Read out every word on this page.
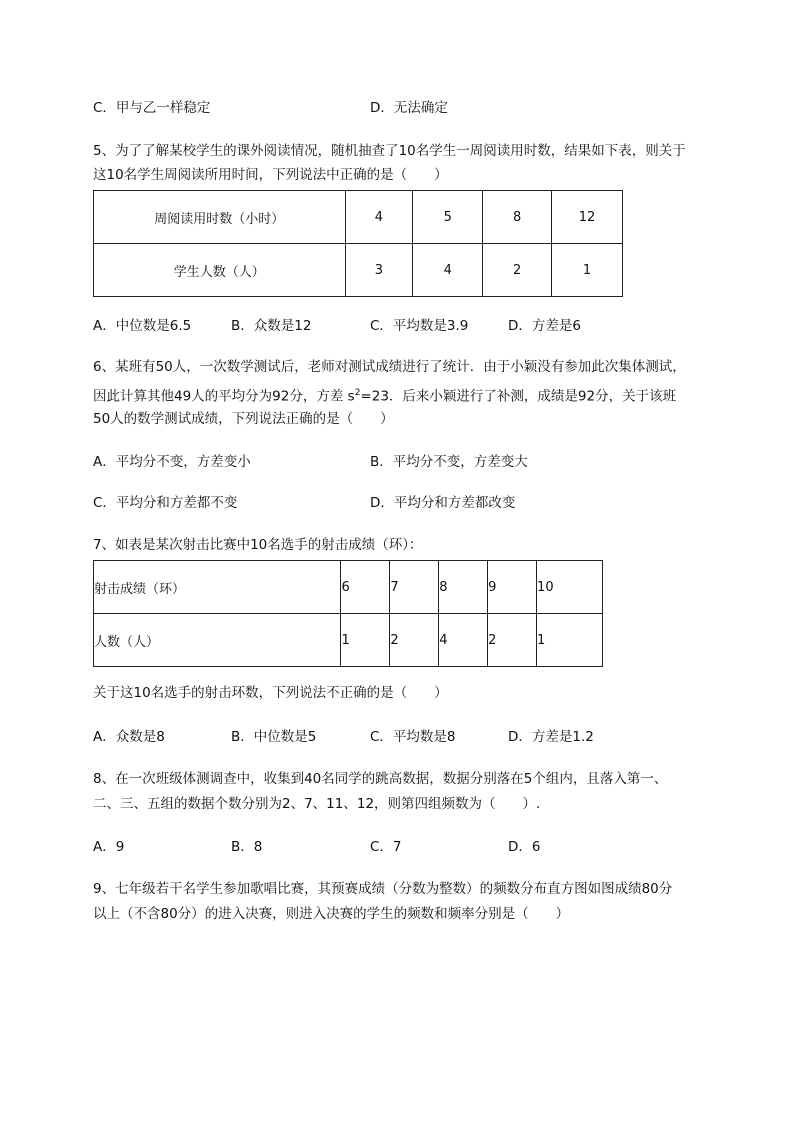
C．甲与乙一样稳定	D．无法确定
5、为了了解某校学生的课外阅读情况，随机抽查了10名学生一周阅读用时数，结果如下表，则关于
这10名学生周阅读所用时间，下列说法中正确的是（　　）
周阅读用时数（小时）	4	5	8	12
学生人数（人）	3	4	2	1
A．中位数是6.5	B．众数是12	C．平均数是3.9	D．方差是6
6、某班有50人，一次数学测试后，老师对测试成绩进行了统计．由于小颖没有参加此次集体测试，
因此计算其他49人的平均分为92分，方差 $s^2=23$．后来小颖进行了补测，成绩是92分，关于该班
50人的数学测试成绩，下列说法正确的是（　　）
A．平均分不变，方差变小	B．平均分不变，方差变大
C．平均分和方差都不变	D．平均分和方差都改变
7、如表是某次射击比赛中10名选手的射击成绩（环）：
射击成绩（环）	6	7	8	9	10
人数（人）	1	2	4	2	1
关于这10名选手的射击环数，下列说法不正确的是（　　）
A．众数是8	B．中位数是5	C．平均数是8	D．方差是1.2
8、在一次班级体测调查中，收集到40名同学的跳高数据，数据分别落在5个组内，且落入第一、
二、三、五组的数据个数分别为2、7、11、12，则第四组频数为（　　）.
A．9	B．8	C．7	D．6
9、七年级若干名学生参加歌唱比赛，其预赛成绩（分数为整数）的频数分布直方图如图成绩80分
以上（不含80分）的进入决赛，则进入决赛的学生的频数和频率分别是（　　）
